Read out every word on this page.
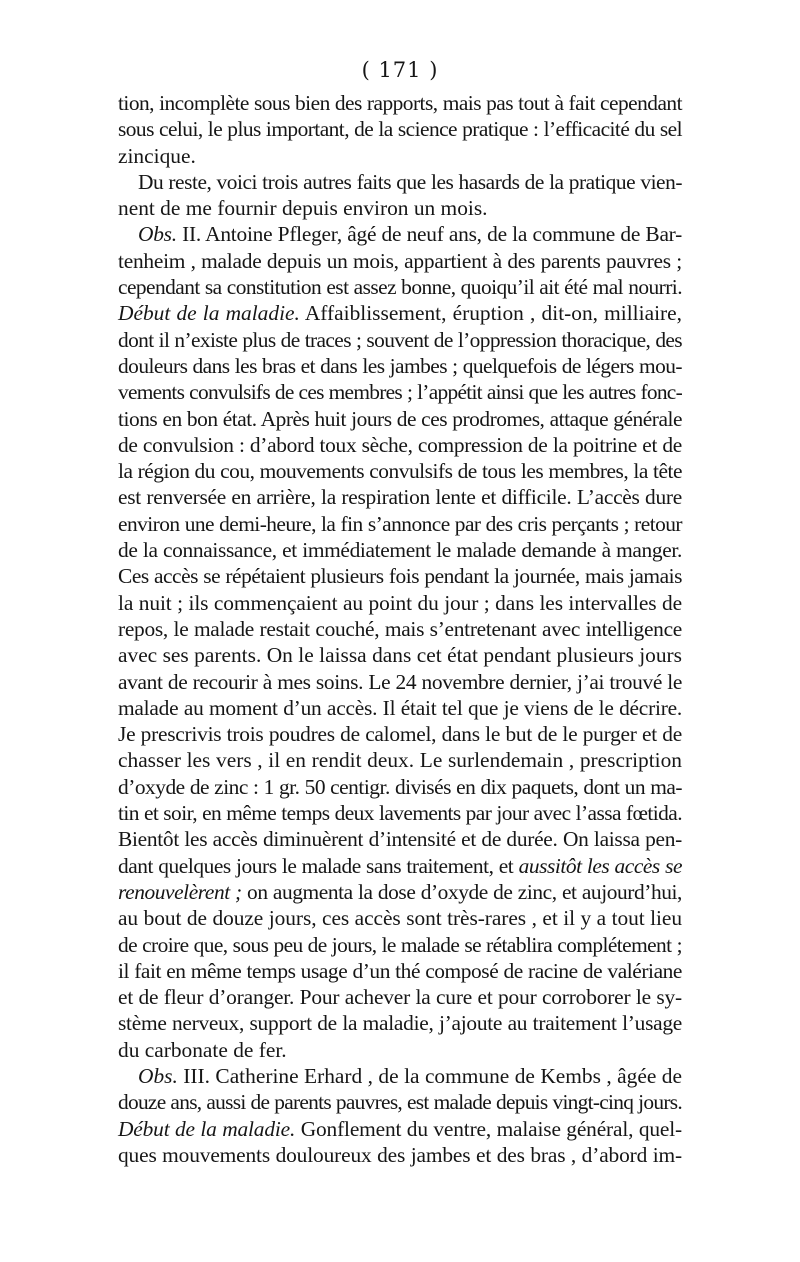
( 171 )
tion, incomplète sous bien des rapports, mais pas tout à fait cependant
sous celui, le plus important, de la science pratique : l’efficacité du sel
zincique.
Du reste, voici trois autres faits que les hasards de la pratique vien-
nent de me fournir depuis environ un mois.
Obs. II. Antoine Pfleger, âgé de neuf ans, de la commune de Bar-
tenheim , malade depuis un mois, appartient à des parents pauvres ;
cependant sa constitution est assez bonne, quoiqu’il ait été mal nourri.
Début de la maladie. Affaiblissement, éruption , dit-on, milliaire,
dont il n’existe plus de traces ; souvent de l’oppression thoracique, des
douleurs dans les bras et dans les jambes ; quelquefois de légers mou-
vements convulsifs de ces membres ; l’appétit ainsi que les autres fonc-
tions en bon état. Après huit jours de ces prodromes, attaque générale
de convulsion : d’abord toux sèche, compression de la poitrine et de
la région du cou, mouvements convulsifs de tous les membres, la tête
est renversée en arrière, la respiration lente et difficile. L’accès dure
environ une demi-heure, la fin s’annonce par des cris perçants ; retour
de la connaissance, et immédiatement le malade demande à manger.
Ces accès se répétaient plusieurs fois pendant la journée, mais jamais
la nuit ; ils commençaient au point du jour ; dans les intervalles de
repos, le malade restait couché, mais s’entretenant avec intelligence
avec ses parents. On le laissa dans cet état pendant plusieurs jours
avant de recourir à mes soins. Le 24 novembre dernier, j’ai trouvé le
malade au moment d’un accès. Il était tel que je viens de le décrire.
Je prescrivis trois poudres de calomel, dans le but de le purger et de
chasser les vers , il en rendit deux. Le surlendemain , prescription
d’oxyde de zinc : 1 gr. 50 centigr. divisés en dix paquets, dont un ma-
tin et soir, en même temps deux lavements par jour avec l’assa fœtida.
Bientôt les accès diminuèrent d’intensité et de durée. On laissa pen-
dant quelques jours le malade sans traitement, et aussitôt les accès se
renouvelèrent ; on augmenta la dose d’oxyde de zinc, et aujourd’hui,
au bout de douze jours, ces accès sont très-rares , et il y a tout lieu
de croire que, sous peu de jours, le malade se rétablira complétement ;
il fait en même temps usage d’un thé composé de racine de valériane
et de fleur d’oranger. Pour achever la cure et pour corroborer le sy-
stème nerveux, support de la maladie, j’ajoute au traitement l’usage
du carbonate de fer.
Obs. III. Catherine Erhard , de la commune de Kembs , âgée de
douze ans, aussi de parents pauvres, est malade depuis vingt-cinq jours.
Début de la maladie. Gonflement du ventre, malaise général, quel-
ques mouvements douloureux des jambes et des bras , d’abord im-
